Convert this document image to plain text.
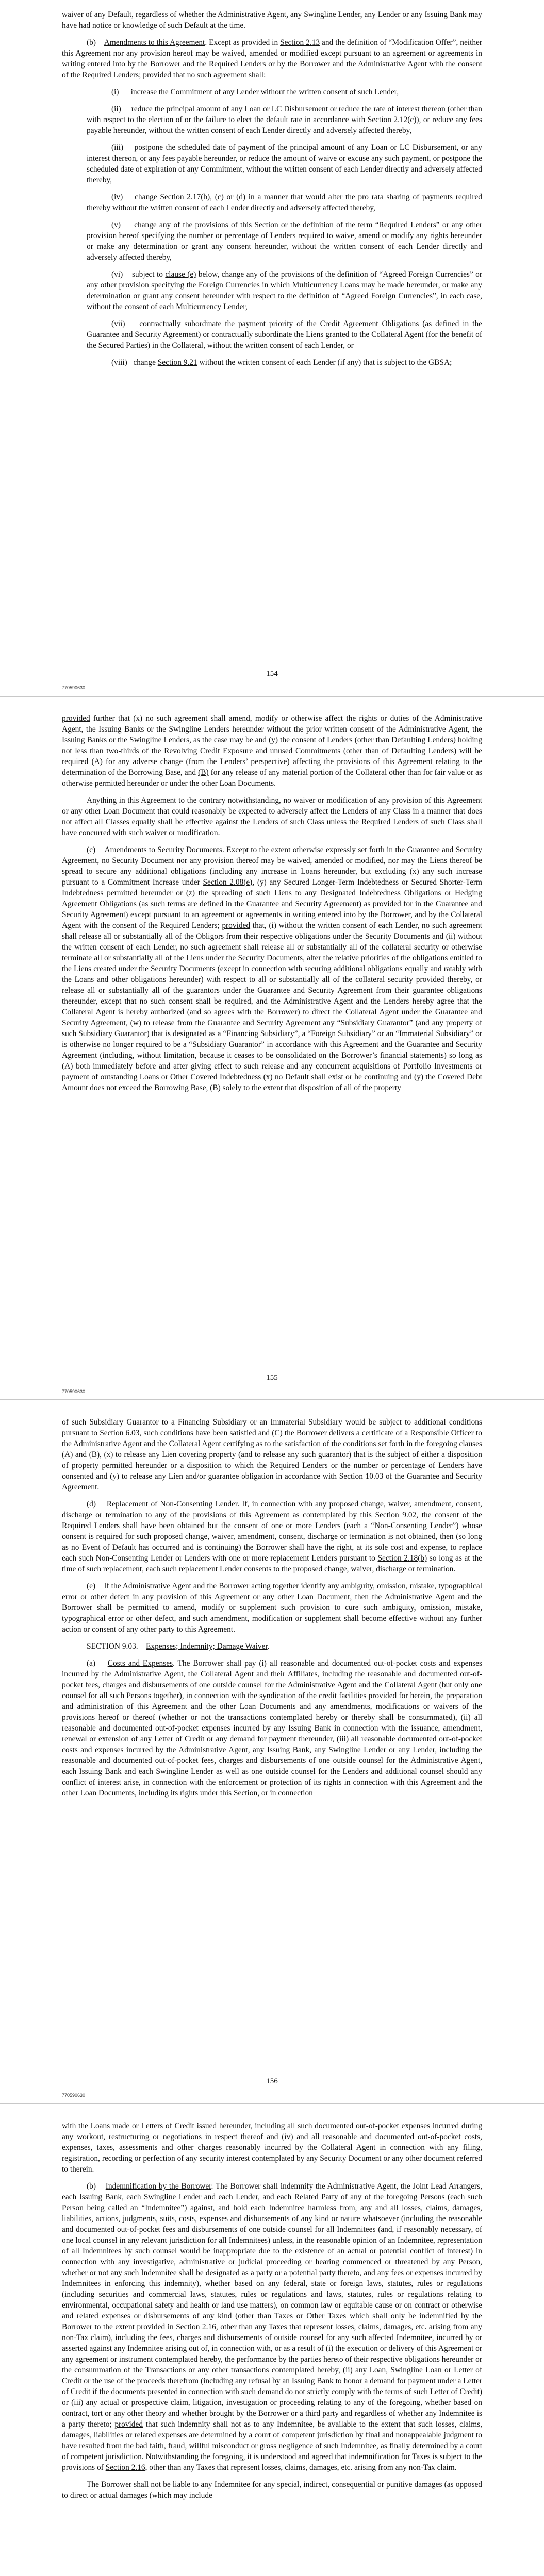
waiver of any Default, regardless of whether the Administrative Agent, any Swingline Lender, any Lender or any Issuing Bank may have had notice or knowledge of such Default at the time.

(b)    Amendments to this Agreement. Except as provided in Section 2.13 and the definition of “Modification Offer”, neither this Agreement nor any provision hereof may be waived, amended or modified except pursuant to an agreement or agreements in writing entered into by the Borrower and the Required Lenders or by the Borrower and the Administrative Agent with the consent of the Required Lenders; provided that no such agreement shall:

(i)      increase the Commitment of any Lender without the written consent of such Lender,

(ii)     reduce the principal amount of any Loan or LC Disbursement or reduce the rate of interest thereon (other than with respect to the election of or the failure to elect the default rate in accordance with Section 2.12(c)), or reduce any fees payable hereunder, without the written consent of each Lender directly and adversely affected thereby,

(iii)    postpone the scheduled date of payment of the principal amount of any Loan or LC Disbursement, or any interest thereon, or any fees payable hereunder, or reduce the amount of waive or excuse any such payment, or postpone the scheduled date of expiration of any Commitment, without the written consent of each Lender directly and adversely affected thereby,

(iv)    change Section 2.17(b), (c) or (d) in a manner that would alter the pro rata sharing of payments required thereby without the written consent of each Lender directly and adversely affected thereby,

(v)     change any of the provisions of this Section or the definition of the term “Required Lenders” or any other provision hereof specifying the number or percentage of Lenders required to waive, amend or modify any rights hereunder or make any determination or grant any consent hereunder, without the written consent of each Lender directly and adversely affected thereby,

(vi)    subject to clause (e) below, change any of the provisions of the definition of “Agreed Foreign Currencies” or any other provision specifying the Foreign Currencies in which Multicurrency Loans may be made hereunder, or make any determination or grant any consent hereunder with respect to the definition of “Agreed Foreign Currencies”, in each case, without the consent of each Multicurrency Lender,

(vii)    contractually subordinate the payment priority of the Credit Agreement Obligations (as defined in the Guarantee and Security Agreement) or contractually subordinate the Liens granted to the Collateral Agent (for the benefit of the Secured Parties) in the Collateral, without the written consent of each Lender, or

(viii)   change Section 9.21 without the written consent of each Lender (if any) that is subject to the GBSA;

154
770590630

provided further that (x) no such agreement shall amend, modify or otherwise affect the rights or duties of the Administrative Agent, the Issuing Banks or the Swingline Lenders hereunder without the prior written consent of the Administrative Agent, the Issuing Banks or the Swingline Lenders, as the case may be and (y) the consent of Lenders (other than Defaulting Lenders) holding not less than two-thirds of the Revolving Credit Exposure and unused Commitments (other than of Defaulting Lenders) will be required (A) for any adverse change (from the Lenders’ perspective) affecting the provisions of this Agreement relating to the determination of the Borrowing Base, and (B) for any release of any material portion of the Collateral other than for fair value or as otherwise permitted hereunder or under the other Loan Documents.

Anything in this Agreement to the contrary notwithstanding, no waiver or modification of any provision of this Agreement or any other Loan Document that could reasonably be expected to adversely affect the Lenders of any Class in a manner that does not affect all Classes equally shall be effective against the Lenders of such Class unless the Required Lenders of such Class shall have concurred with such waiver or modification.

(c)    Amendments to Security Documents. Except to the extent otherwise expressly set forth in the Guarantee and Security Agreement, no Security Document nor any provision thereof may be waived, amended or modified, nor may the Liens thereof be spread to secure any additional obligations (including any increase in Loans hereunder, but excluding (x) any such increase pursuant to a Commitment Increase under Section 2.08(e), (y) any Secured Longer-Term Indebtedness or Secured Shorter-Term Indebtedness permitted hereunder or (z) the spreading of such Liens to any Designated Indebtedness Obligations or Hedging Agreement Obligations (as such terms are defined in the Guarantee and Security Agreement) as provided for in the Guarantee and Security Agreement) except pursuant to an agreement or agreements in writing entered into by the Borrower, and by the Collateral Agent with the consent of the Required Lenders; provided that, (i) without the written consent of each Lender, no such agreement shall release all or substantially all of the Obligors from their respective obligations under the Security Documents and (ii) without the written consent of each Lender, no such agreement shall release all or substantially all of the collateral security or otherwise terminate all or substantially all of the Liens under the Security Documents, alter the relative priorities of the obligations entitled to the Liens created under the Security Documents (except in connection with securing additional obligations equally and ratably with the Loans and other obligations hereunder) with respect to all or substantially all of the collateral security provided thereby, or release all or substantially all of the guarantors under the Guarantee and Security Agreement from their guarantee obligations thereunder, except that no such consent shall be required, and the Administrative Agent and the Lenders hereby agree that the Collateral Agent is hereby authorized (and so agrees with the Borrower) to direct the Collateral Agent under the Guarantee and Security Agreement, (w) to release from the Guarantee and Security Agreement any “Subsidiary Guarantor” (and any property of such Subsidiary Guarantor) that is designated as a “Financing Subsidiary”, a “Foreign Subsidiary” or an “Immaterial Subsidiary” or is otherwise no longer required to be a “Subsidiary Guarantor” in accordance with this Agreement and the Guarantee and Security Agreement (including, without limitation, because it ceases to be consolidated on the Borrower’s financial statements) so long as (A) both immediately before and after giving effect to such release and any concurrent acquisitions of Portfolio Investments or payment of outstanding Loans or Other Covered Indebtedness (x) no Default shall exist or be continuing and (y) the Covered Debt Amount does not exceed the Borrowing Base, (B) solely to the extent that disposition of all of the property

155
770590630

of such Subsidiary Guarantor to a Financing Subsidiary or an Immaterial Subsidiary would be subject to additional conditions pursuant to Section 6.03, such conditions have been satisfied and (C) the Borrower delivers a certificate of a Responsible Officer to the Administrative Agent and the Collateral Agent certifying as to the satisfaction of the conditions set forth in the foregoing clauses (A) and (B), (x) to release any Lien covering property (and to release any such guarantor) that is the subject of either a disposition of property permitted hereunder or a disposition to which the Required Lenders or the number or percentage of Lenders have consented and (y) to release any Lien and/or guarantee obligation in accordance with Section 10.03 of the Guarantee and Security Agreement.

(d)    Replacement of Non-Consenting Lender. If, in connection with any proposed change, waiver, amendment, consent, discharge or termination to any of the provisions of this Agreement as contemplated by this Section 9.02, the consent of the Required Lenders shall have been obtained but the consent of one or more Lenders (each a “Non-Consenting Lender”) whose consent is required for such proposed change, waiver, amendment, consent, discharge or termination is not obtained, then (so long as no Event of Default has occurred and is continuing) the Borrower shall have the right, at its sole cost and expense, to replace each such Non-Consenting Lender or Lenders with one or more replacement Lenders pursuant to Section 2.18(b) so long as at the time of such replacement, each such replacement Lender consents to the proposed change, waiver, discharge or termination.

(e)    If the Administrative Agent and the Borrower acting together identify any ambiguity, omission, mistake, typographical error or other defect in any provision of this Agreement or any other Loan Document, then the Administrative Agent and the Borrower shall be permitted to amend, modify or supplement such provision to cure such ambiguity, omission, mistake, typographical error or other defect, and such amendment, modification or supplement shall become effective without any further action or consent of any other party to this Agreement.

SECTION 9.03.    Expenses; Indemnity; Damage Waiver.

(a)    Costs and Expenses. The Borrower shall pay (i) all reasonable and documented out-of-pocket costs and expenses incurred by the Administrative Agent, the Collateral Agent and their Affiliates, including the reasonable and documented out-of-pocket fees, charges and disbursements of one outside counsel for the Administrative Agent and the Collateral Agent (but only one counsel for all such Persons together), in connection with the syndication of the credit facilities provided for herein, the preparation and administration of this Agreement and the other Loan Documents and any amendments, modifications or waivers of the provisions hereof or thereof (whether or not the transactions contemplated hereby or thereby shall be consummated), (ii) all reasonable and documented out-of-pocket expenses incurred by any Issuing Bank in connection with the issuance, amendment, renewal or extension of any Letter of Credit or any demand for payment thereunder, (iii) all reasonable documented out-of-pocket costs and expenses incurred by the Administrative Agent, any Issuing Bank, any Swingline Lender or any Lender, including the reasonable and documented out-of-pocket fees, charges and disbursements of one outside counsel for the Administrative Agent, each Issuing Bank and each Swingline Lender as well as one outside counsel for the Lenders and additional counsel should any conflict of interest arise, in connection with the enforcement or protection of its rights in connection with this Agreement and the other Loan Documents, including its rights under this Section, or in connection

156
770590630

with the Loans made or Letters of Credit issued hereunder, including all such documented out-of-pocket expenses incurred during any workout, restructuring or negotiations in respect thereof and (iv) and all reasonable and documented out-of-pocket costs, expenses, taxes, assessments and other charges reasonably incurred by the Collateral Agent in connection with any filing, registration, recording or perfection of any security interest contemplated by any Security Document or any other document referred to therein.

(b)    Indemnification by the Borrower. The Borrower shall indemnify the Administrative Agent, the Joint Lead Arrangers, each Issuing Bank, each Swingline Lender and each Lender, and each Related Party of any of the foregoing Persons (each such Person being called an “Indemnitee”) against, and hold each Indemnitee harmless from, any and all losses, claims, damages, liabilities, actions, judgments, suits, costs, expenses and disbursements of any kind or nature whatsoever (including the reasonable and documented out-of-pocket fees and disbursements of one outside counsel for all Indemnitees (and, if reasonably necessary, of one local counsel in any relevant jurisdiction for all Indemnitees) unless, in the reasonable opinion of an Indemnitee, representation of all Indemnitees by such counsel would be inappropriate due to the existence of an actual or potential conflict of interest) in connection with any investigative, administrative or judicial proceeding or hearing commenced or threatened by any Person, whether or not any such Indemnitee shall be designated as a party or a potential party thereto, and any fees or expenses incurred by Indemnitees in enforcing this indemnity), whether based on any federal, state or foreign laws, statutes, rules or regulations (including securities and commercial laws, statutes, rules or regulations and laws, statutes, rules or regulations relating to environmental, occupational safety and health or land use matters), on common law or equitable cause or on contract or otherwise and related expenses or disbursements of any kind (other than Taxes or Other Taxes which shall only be indemnified by the Borrower to the extent provided in Section 2.16, other than any Taxes that represent losses, claims, damages, etc. arising from any non-Tax claim), including the fees, charges and disbursements of outside counsel for any such affected Indemnitee, incurred by or asserted against any Indemnitee arising out of, in connection with, or as a result of (i) the execution or delivery of this Agreement or any agreement or instrument contemplated hereby, the performance by the parties hereto of their respective obligations hereunder or the consummation of the Transactions or any other transactions contemplated hereby, (ii) any Loan, Swingline Loan or Letter of Credit or the use of the proceeds therefrom (including any refusal by an Issuing Bank to honor a demand for payment under a Letter of Credit if the documents presented in connection with such demand do not strictly comply with the terms of such Letter of Credit) or (iii) any actual or prospective claim, litigation, investigation or proceeding relating to any of the foregoing, whether based on contract, tort or any other theory and whether brought by the Borrower or a third party and regardless of whether any Indemnitee is a party thereto; provided that such indemnity shall not as to any Indemnitee, be available to the extent that such losses, claims, damages, liabilities or related expenses are determined by a court of competent jurisdiction by final and nonappealable judgment to have resulted from the bad faith, fraud, willful misconduct or gross negligence of such Indemnitee, as finally determined by a court of competent jurisdiction. Notwithstanding the foregoing, it is understood and agreed that indemnification for Taxes is subject to the provisions of Section 2.16, other than any Taxes that represent losses, claims, damages, etc. arising from any non-Tax claim.

The Borrower shall not be liable to any Indemnitee for any special, indirect, consequential or punitive damages (as opposed to direct or actual damages (which may include
